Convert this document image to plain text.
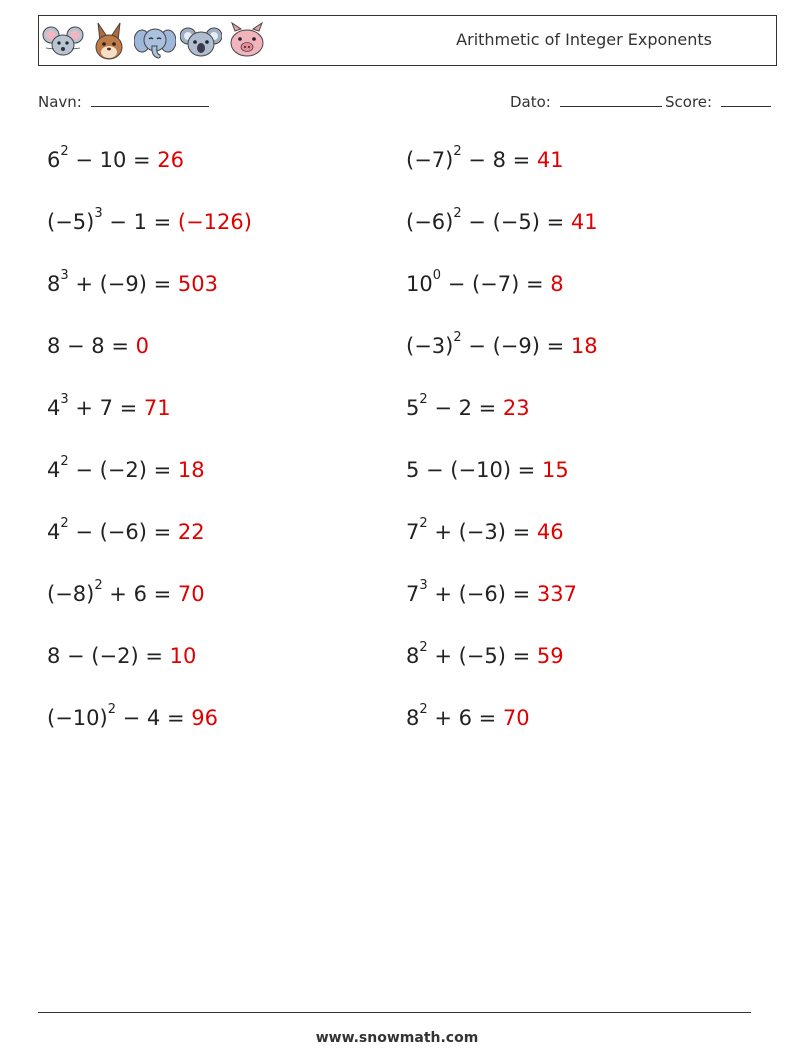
Arithmetic of Integer Exponents
Navn:	Dato:	Score:
$6^2 - 10 = 26$	$(-7)^2 - 8 = 41$
$(-5)^3 - 1 = (-126)$	$(-6)^2 - (-5) = 41$
$8^3 + (-9) = 503$	$10^0 - (-7) = 8$
8 − 8 = 0	$(-3)^2 - (-9) = 18$
$4^3 + 7 = 71$	$5^2 - 2 = 23$
$4^2 - (-2) = 18$	5 − (−10) = 15
$4^2 - (-6) = 22$	$7^2 + (-3) = 46$
$(-8)^2 + 6 = 70$	$7^3 + (-6) = 337$
8 − (−2) = 10	$8^2 + (-5) = 59$
$(-10)^2 - 4 = 96$	$8^2 + 6 = 70$
www.snowmath.com
